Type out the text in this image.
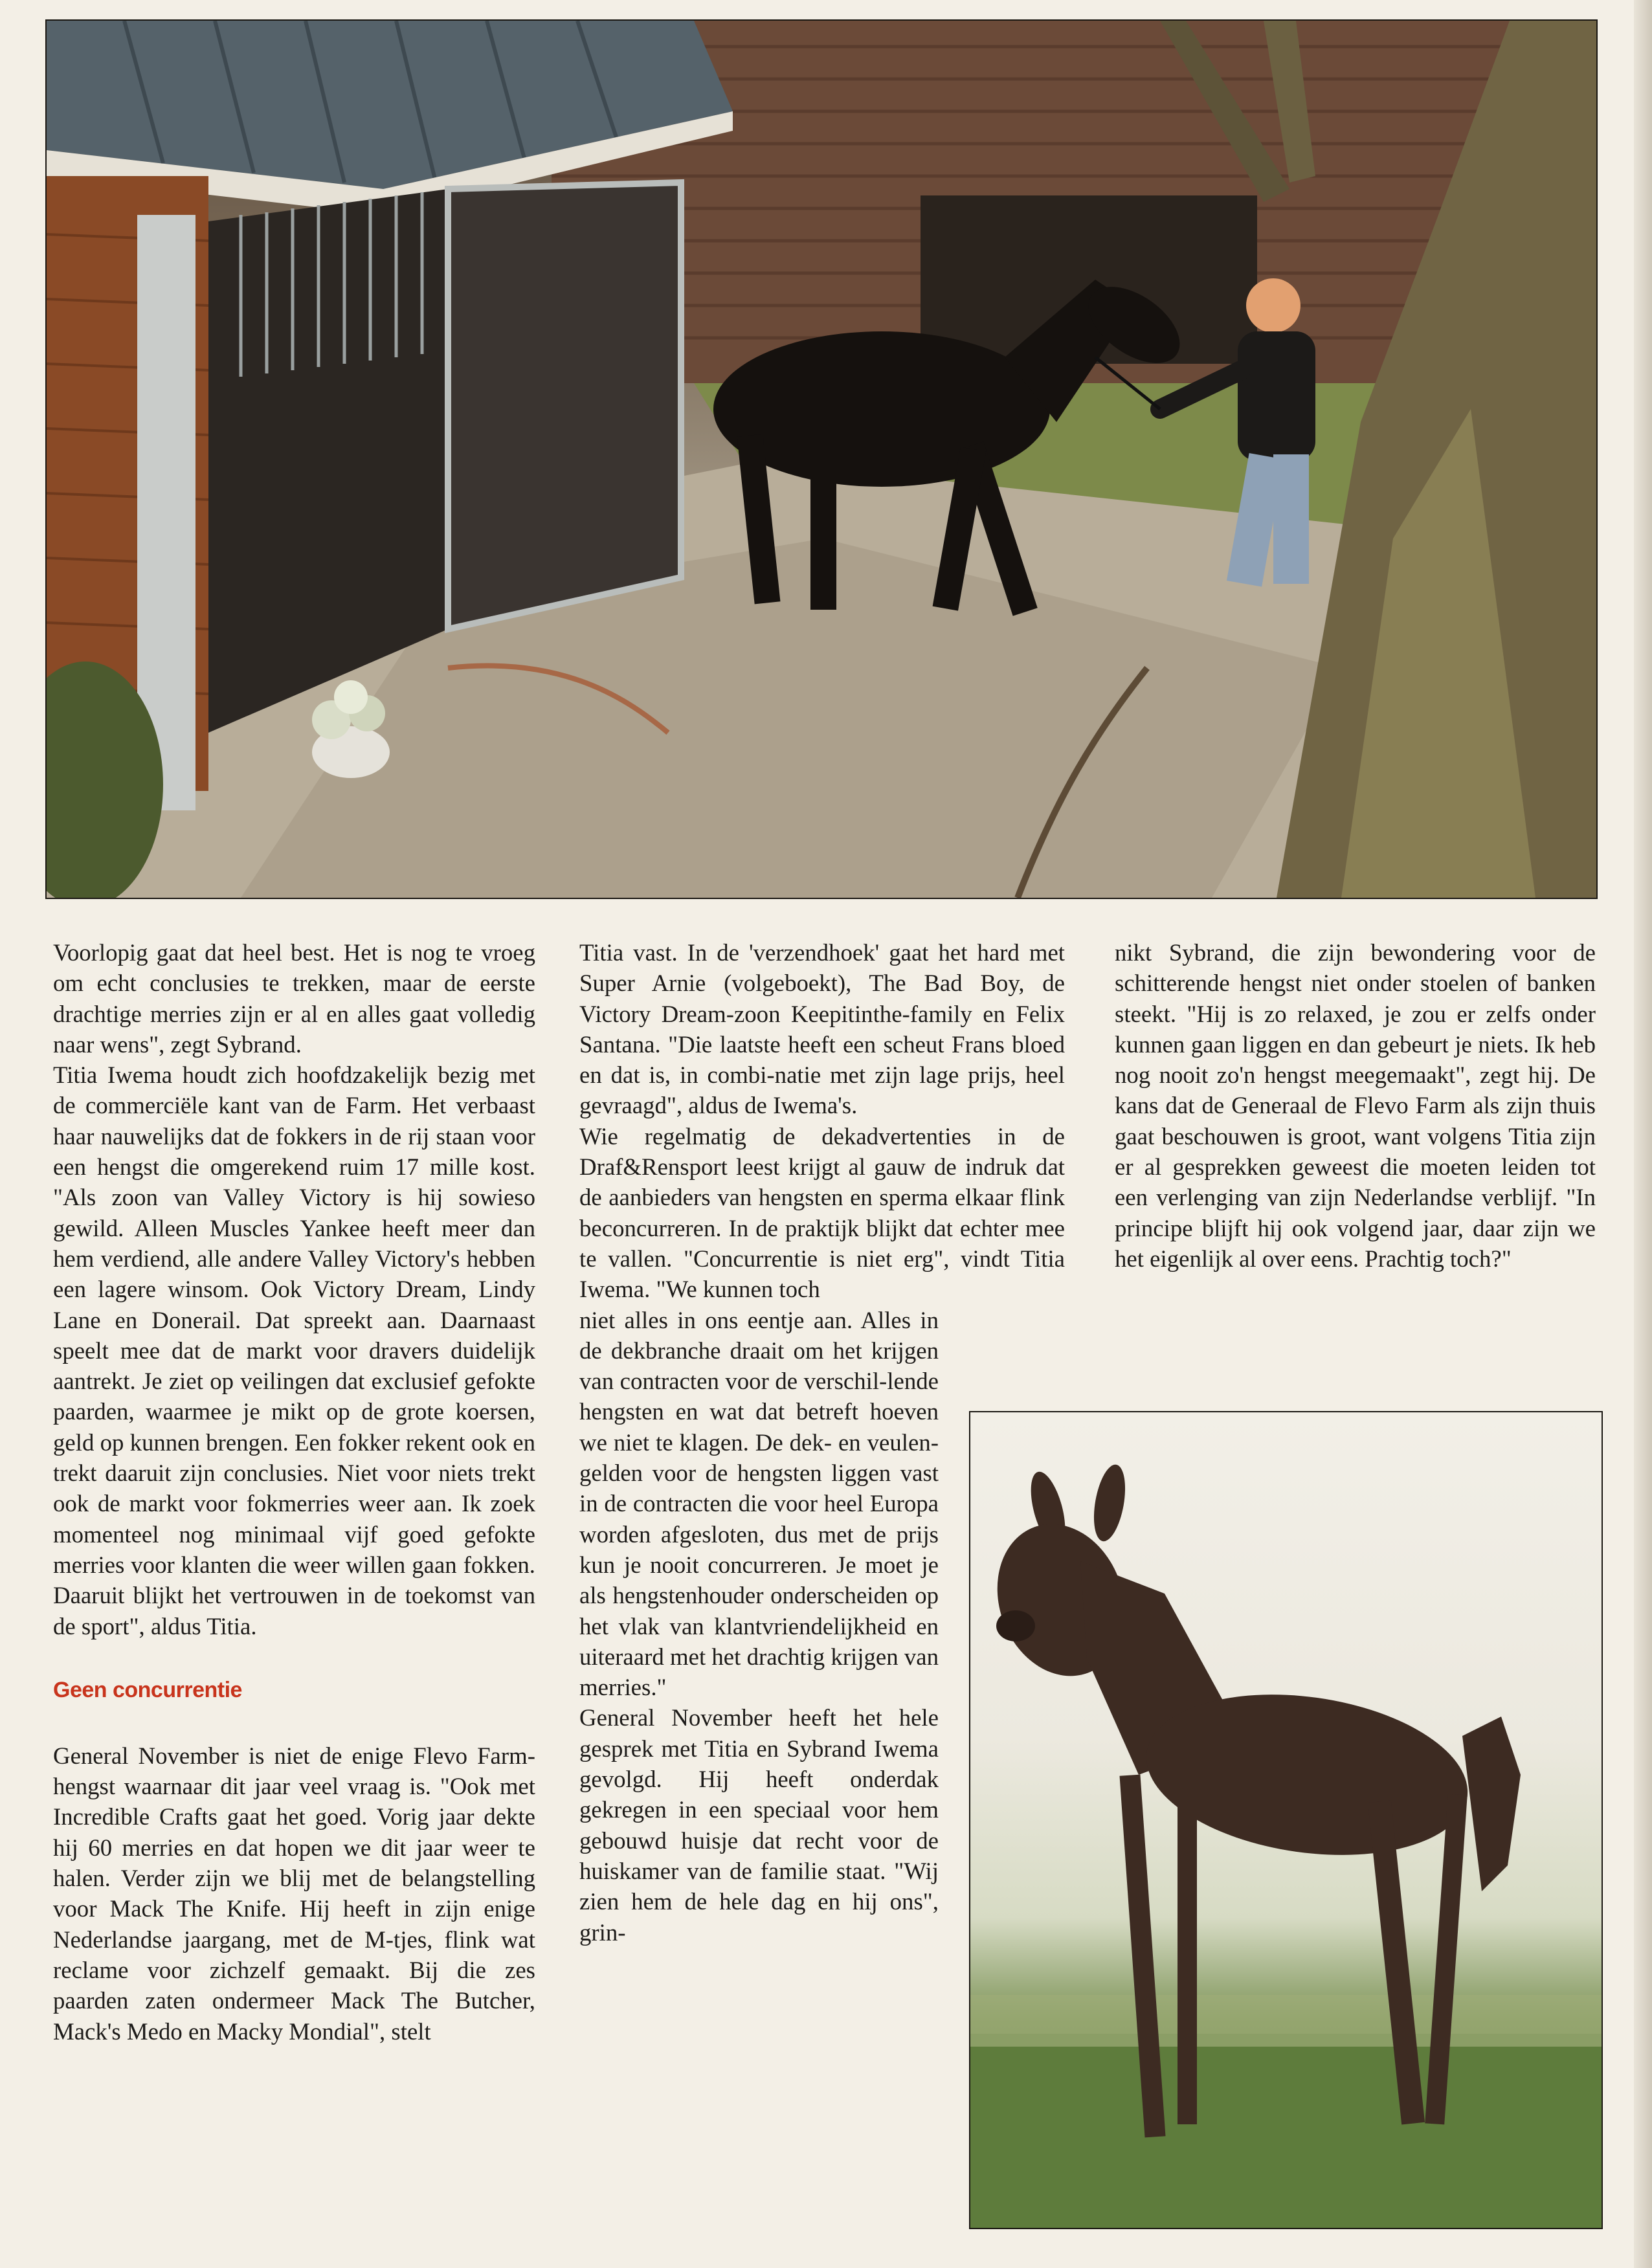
Voorlopig gaat dat heel best. Het is nog te vroeg om echt conclusies te trekken, maar de eerste drachtige merries zijn er al en alles gaat volledig naar wens", zegt Sybrand.

Titia Iwema houdt zich hoofdzakelijk bezig met de commerciële kant van de Farm. Het verbaast haar nauwelijks dat de fokkers in de rij staan voor een hengst die omgerekend ruim 17 mille kost. "Als zoon van Valley Victory is hij sowieso gewild. Alleen Muscles Yankee heeft meer dan hem verdiend, alle andere Valley Victory's hebben een lagere winsom. Ook Victory Dream, Lindy Lane en Donerail. Dat spreekt aan. Daarnaast speelt mee dat de markt voor dravers duidelijk aantrekt. Je ziet op veilingen dat exclusief gefokte paarden, waarmee je mikt op de grote koersen, geld op kunnen brengen. Een fokker rekent ook en trekt daaruit zijn conclusies. Niet voor niets trekt ook de markt voor fokmerries weer aan. Ik zoek momenteel nog minimaal vijf goed gefokte merries voor klanten die weer willen gaan fokken. Daaruit blijkt het vertrouwen in de toekomst van de sport", aldus Titia.

Geen concurrentie

General November is niet de enige Flevo Farm-hengst waarnaar dit jaar veel vraag is. "Ook met Incredible Crafts gaat het goed. Vorig jaar dekte hij 60 merries en dat hopen we dit jaar weer te halen. Verder zijn we blij met de belangstelling voor Mack The Knife. Hij heeft in zijn enige Nederlandse jaargang, met de M-tjes, flink wat reclame voor zichzelf gemaakt. Bij die zes paarden zaten ondermeer Mack The Butcher, Mack's Medo en Macky Mondial", stelt

Titia vast. In de 'verzendhoek' gaat het hard met Super Arnie (volgeboekt), The Bad Boy, de Victory Dream-zoon Keepitinthe-family en Felix Santana. "Die laatste heeft een scheut Frans bloed en dat is, in combi-natie met zijn lage prijs, heel gevraagd", aldus de Iwema's.

Wie regelmatig de dekadvertenties in de Draf&Rensport leest krijgt al gauw de indruk dat de aanbieders van hengsten en sperma elkaar flink beconcurreren. In de praktijk blijkt dat echter mee te vallen. "Concurrentie is niet erg", vindt Titia Iwema. "We kunnen toch

niet alles in ons eentje aan. Alles in de dekbranche draait om het krijgen van contracten voor de verschil-lende hengsten en wat dat betreft hoeven we niet te klagen. De dek- en veulen-gelden voor de hengsten liggen vast in de contracten die voor heel Europa worden afgesloten, dus met de prijs kun je nooit concurreren. Je moet je als hengstenhouder onderscheiden op het vlak van klantvriendelijkheid en uiteraard met het drachtig krijgen van merries."

General November heeft het hele gesprek met Titia en Sybrand Iwema gevolgd. Hij heeft onderdak gekregen in een speciaal voor hem gebouwd huisje dat recht voor de huiskamer van de familie staat. "Wij zien hem de hele dag en hij ons", grin-

nikt Sybrand, die zijn bewondering voor de schitterende hengst niet onder stoelen of banken steekt. "Hij is zo relaxed, je zou er zelfs onder kunnen gaan liggen en dan gebeurt je niets. Ik heb nog nooit zo'n hengst meegemaakt", zegt hij. De kans dat de Generaal de Flevo Farm als zijn thuis gaat beschouwen is groot, want volgens Titia zijn er al gesprekken geweest die moeten leiden tot een verlenging van zijn Nederlandse verblijf. "In principe blijft hij ook volgend jaar, daar zijn we het eigenlijk al over eens. Prachtig toch?"
